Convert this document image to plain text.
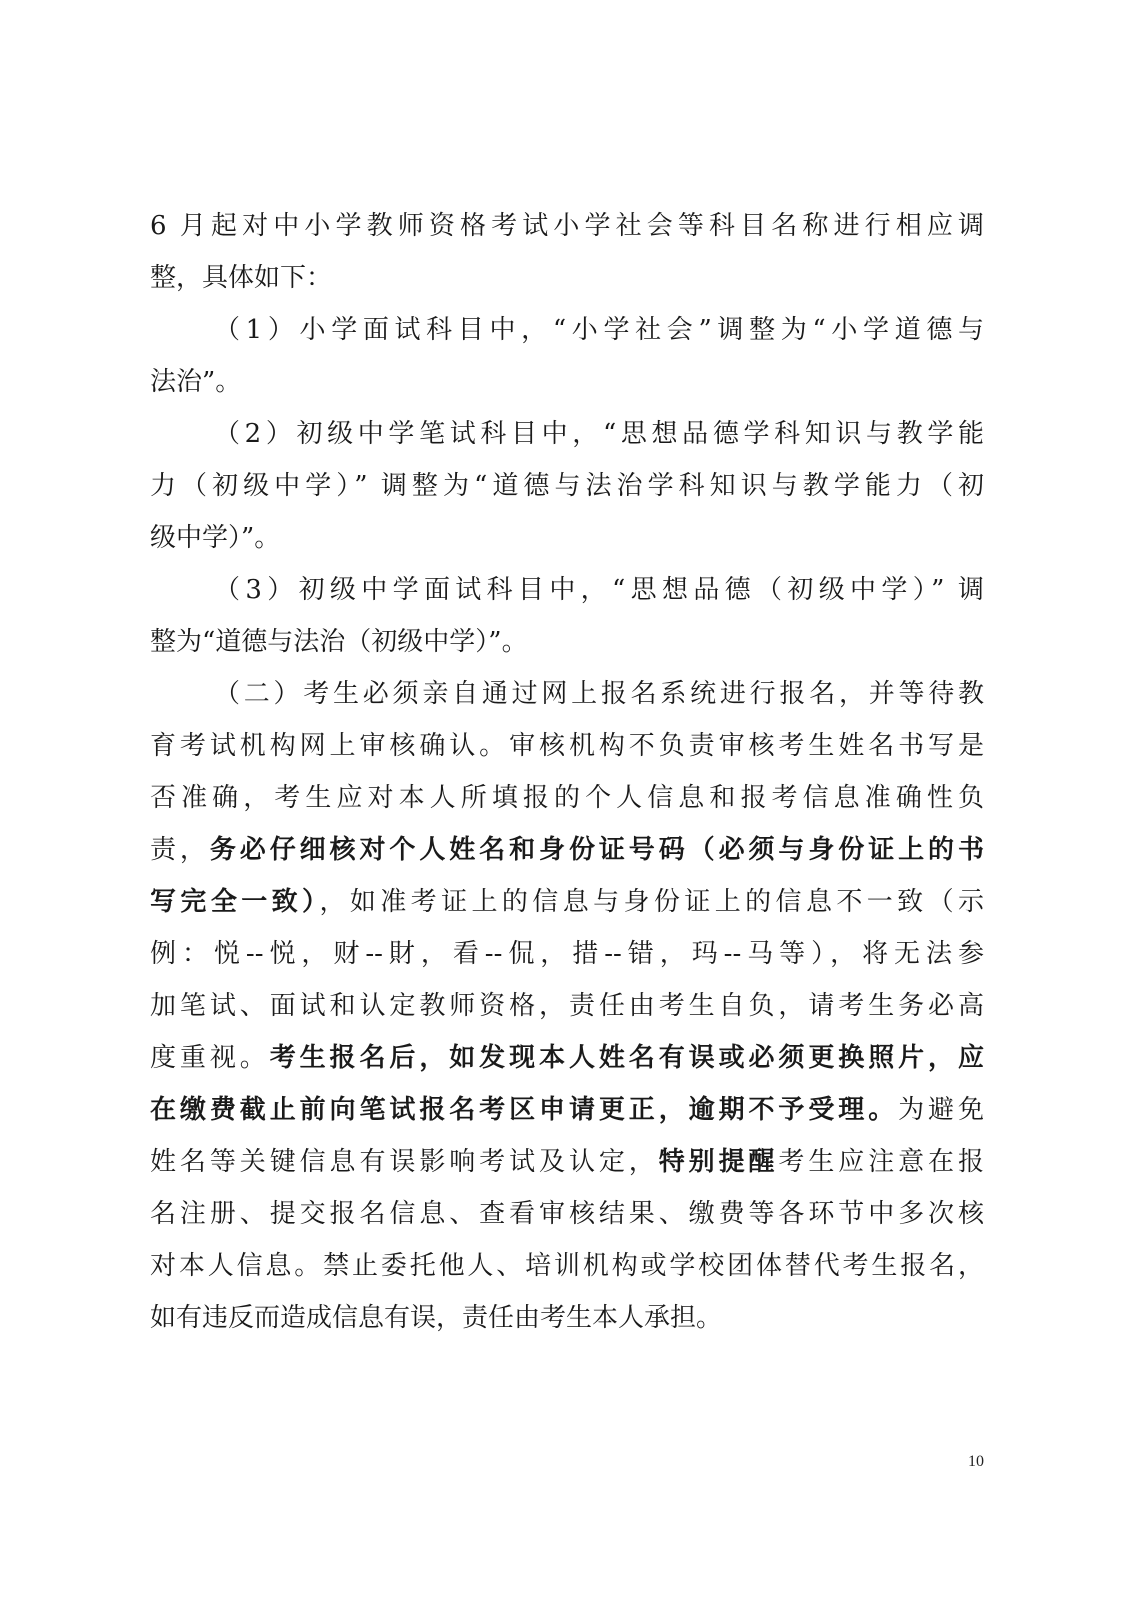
6 月起对中小学教师资格考试小学社会等科目名称进行相应调
整，具体如下：
（1）小学面试科目中，“小学社会”调整为“小学道德与
法治”。
（2）初级中学笔试科目中，“思想品德学科知识与教学能
力（初级中学）” 调整为“道德与法治学科知识与教学能力（初
级中学）”。
（3）初级中学面试科目中，“思想品德（初级中学）” 调
整为“道德与法治（初级中学）”。
（二）考生必须亲自通过网上报名系统进行报名，并等待教
育考试机构网上审核确认。审核机构不负责审核考生姓名书写是
否准确，考生应对本人所填报的个人信息和报考信息准确性负
责，务必仔细核对个人姓名和身份证号码（必须与身份证上的书
写完全一致），如准考证上的信息与身份证上的信息不一致（示
例：悦--悦，财--財，看--侃，措--错，玛--马等），将无法参
加笔试、面试和认定教师资格，责任由考生自负，请考生务必高
度重视。考生报名后，如发现本人姓名有误或必须更换照片，应
在缴费截止前向笔试报名考区申请更正，逾期不予受理。为避免
姓名等关键信息有误影响考试及认定，特别提醒考生应注意在报
名注册、提交报名信息、查看审核结果、缴费等各环节中多次核
对本人信息。禁止委托他人、培训机构或学校团体替代考生报名，
如有违反而造成信息有误，责任由考生本人承担。
10
